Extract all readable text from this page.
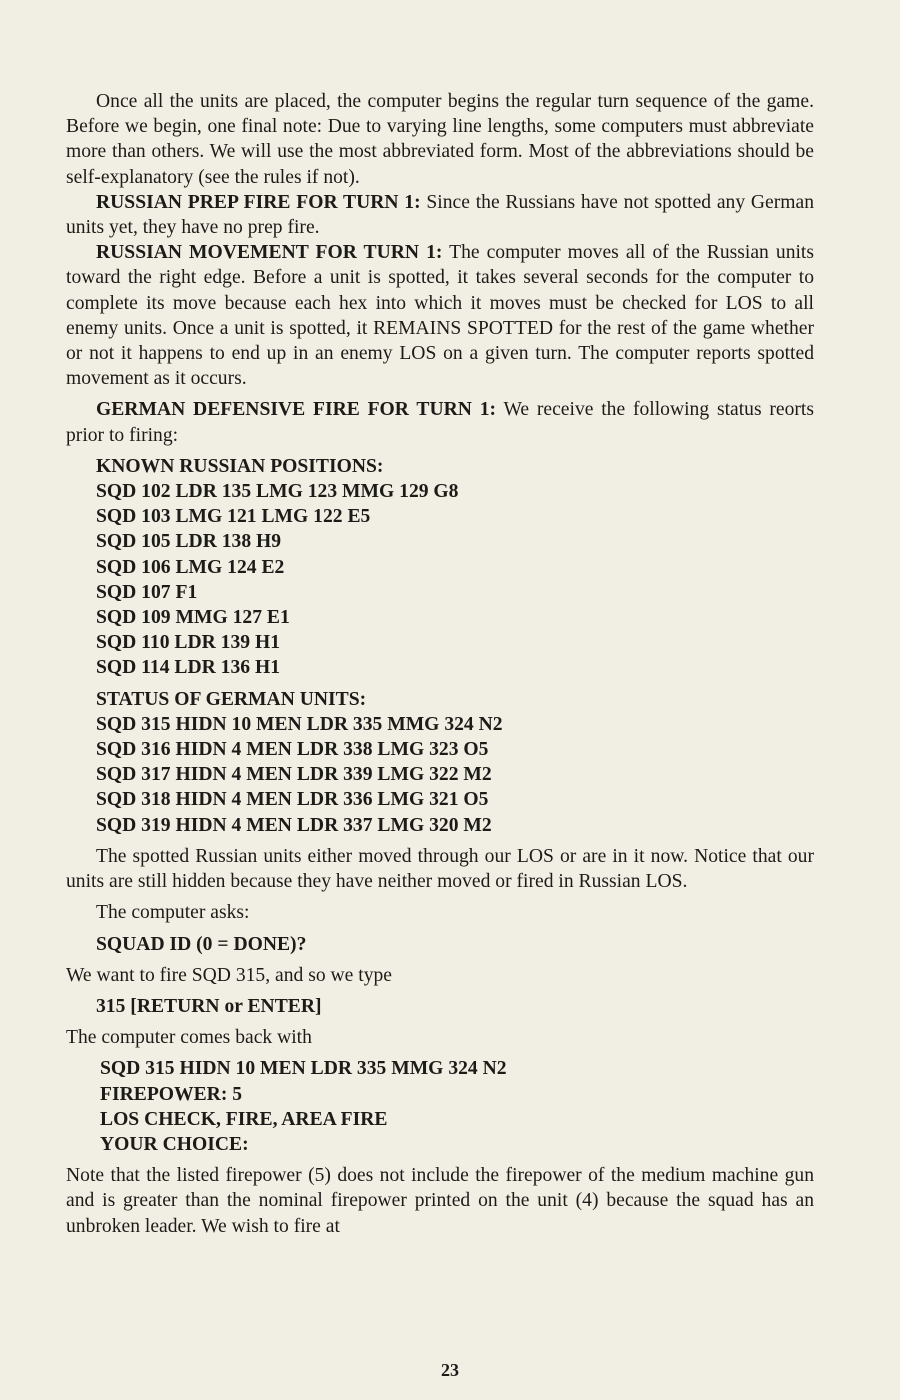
Once all the units are placed, the computer begins the regular turn sequence of the game. Before we begin, one final note: Due to varying line lengths, some computers must abbreviate more than others. We will use the most abbreviated form. Most of the abbreviations should be self-explanatory (see the rules if not).

RUSSIAN PREP FIRE FOR TURN 1: Since the Russians have not spotted any German units yet, they have no prep fire.

RUSSIAN MOVEMENT FOR TURN 1: The computer moves all of the Russian units toward the right edge. Before a unit is spotted, it takes several seconds for the computer to complete its move because each hex into which it moves must be checked for LOS to all enemy units. Once a unit is spotted, it REMAINS SPOTTED for the rest of the game whether or not it happens to end up in an enemy LOS on a given turn. The computer reports spotted movement as it occurs.

GERMAN DEFENSIVE FIRE FOR TURN 1: We receive the following status reorts prior to firing:

KNOWN RUSSIAN POSITIONS:
SQD 102 LDR 135 LMG 123 MMG 129 G8
SQD 103 LMG 121 LMG 122 E5
SQD 105 LDR 138 H9
SQD 106 LMG 124 E2
SQD 107 F1
SQD 109 MMG 127 E1
SQD 110 LDR 139 H1
SQD 114 LDR 136 H1
STATUS OF GERMAN UNITS:
SQD 315 HIDN 10 MEN LDR 335 MMG 324 N2
SQD 316 HIDN 4 MEN LDR 338 LMG 323 O5
SQD 317 HIDN 4 MEN LDR 339 LMG 322 M2
SQD 318 HIDN 4 MEN LDR 336 LMG 321 O5
SQD 319 HIDN 4 MEN LDR 337 LMG 320 M2

The spotted Russian units either moved through our LOS or are in it now. Notice that our units are still hidden because they have neither moved or fired in Russian LOS.

The computer asks:

SQUAD ID (0 = DONE)?

We want to fire SQD 315, and so we type

315 [RETURN or ENTER]

The computer comes back with

SQD 315 HIDN 10 MEN LDR 335 MMG 324 N2
FIREPOWER: 5
LOS CHECK, FIRE, AREA FIRE
YOUR CHOICE:

Note that the listed firepower (5) does not include the firepower of the medium machine gun and is greater than the nominal firepower printed on the unit (4) because the squad has an unbroken leader. We wish to fire at

23
